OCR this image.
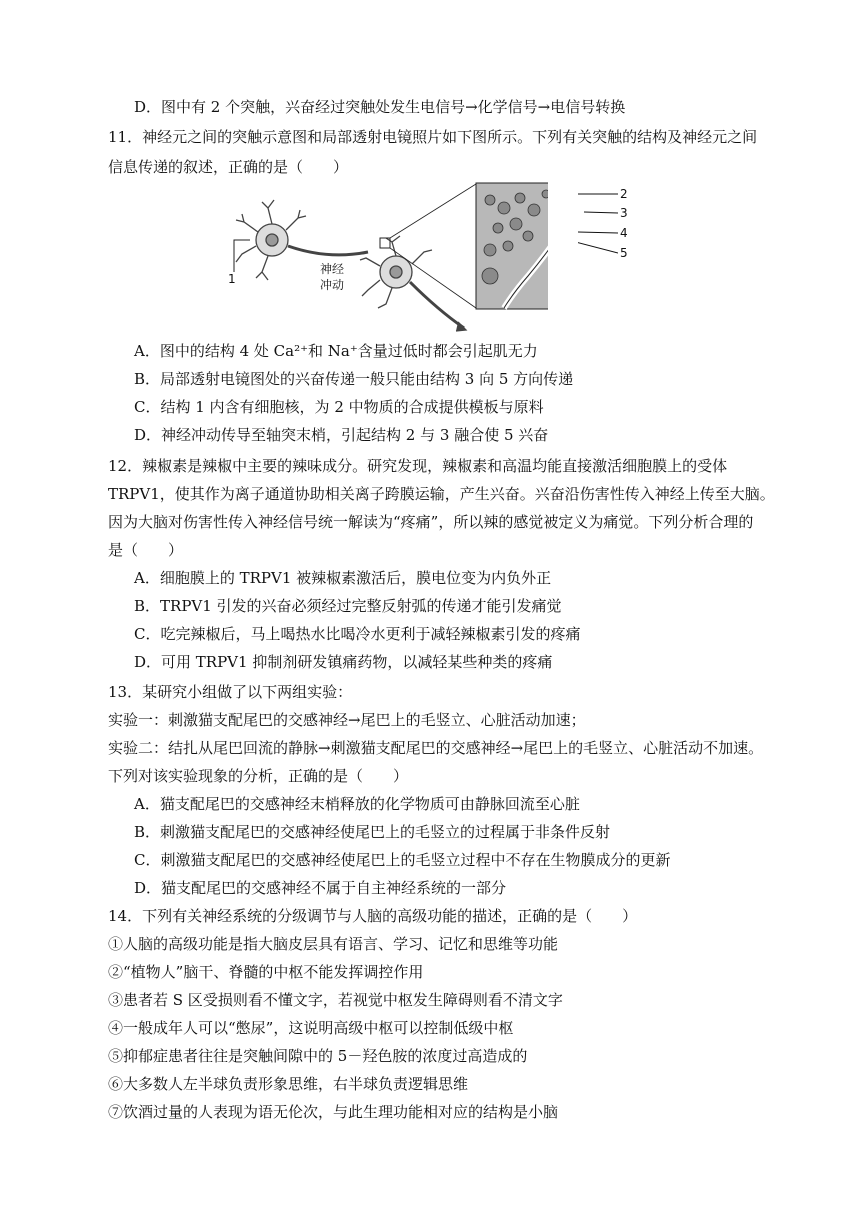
D．图中有 2 个突触，兴奋经过突触处发生电信号→化学信号→电信号转换
11．神经元之间的突触示意图和局部透射电镜照片如下图所示。下列有关突触的结构及神经元之间
信息传递的叙述，正确的是（　　）
1
神经
冲动
2
3
4
5
A．图中的结构 4 处 Ca²⁺和 Na⁺含量过低时都会引起肌无力
B．局部透射电镜图处的兴奋传递一般只能由结构 3 向 5 方向传递
C．结构 1 内含有细胞核，为 2 中物质的合成提供模板与原料
D．神经冲动传导至轴突末梢，引起结构 2 与 3 融合使 5 兴奋
12．辣椒素是辣椒中主要的辣味成分。研究发现，辣椒素和高温均能直接激活细胞膜上的受体
TRPV1，使其作为离子通道协助相关离子跨膜运输，产生兴奋。兴奋沿伤害性传入神经上传至大脑。
因为大脑对伤害性传入神经信号统一解读为“疼痛”，所以辣的感觉被定义为痛觉。下列分析合理的
是（　　）
A．细胞膜上的 TRPV1 被辣椒素激活后，膜电位变为内负外正
B．TRPV1 引发的兴奋必须经过完整反射弧的传递才能引发痛觉
C．吃完辣椒后，马上喝热水比喝冷水更利于减轻辣椒素引发的疼痛
D．可用 TRPV1 抑制剂研发镇痛药物，以减轻某些种类的疼痛
13．某研究小组做了以下两组实验：
实验一：刺激猫支配尾巴的交感神经→尾巴上的毛竖立、心脏活动加速；
实验二：结扎从尾巴回流的静脉→刺激猫支配尾巴的交感神经→尾巴上的毛竖立、心脏活动不加速。
下列对该实验现象的分析，正确的是（　　）
A．猫支配尾巴的交感神经末梢释放的化学物质可由静脉回流至心脏
B．刺激猫支配尾巴的交感神经使尾巴上的毛竖立的过程属于非条件反射
C．刺激猫支配尾巴的交感神经使尾巴上的毛竖立过程中不存在生物膜成分的更新
D．猫支配尾巴的交感神经不属于自主神经系统的一部分
14．下列有关神经系统的分级调节与人脑的高级功能的描述，正确的是（　　）
①人脑的高级功能是指大脑皮层具有语言、学习、记忆和思维等功能
②“植物人”脑干、脊髓的中枢不能发挥调控作用
③患者若 S 区受损则看不懂文字，若视觉中枢发生障碍则看不清文字
④一般成年人可以“憋尿”，这说明高级中枢可以控制低级中枢
⑤抑郁症患者往往是突触间隙中的 5－羟色胺的浓度过高造成的
⑥大多数人左半球负责形象思维，右半球负责逻辑思维
⑦饮酒过量的人表现为语无伦次，与此生理功能相对应的结构是小脑
